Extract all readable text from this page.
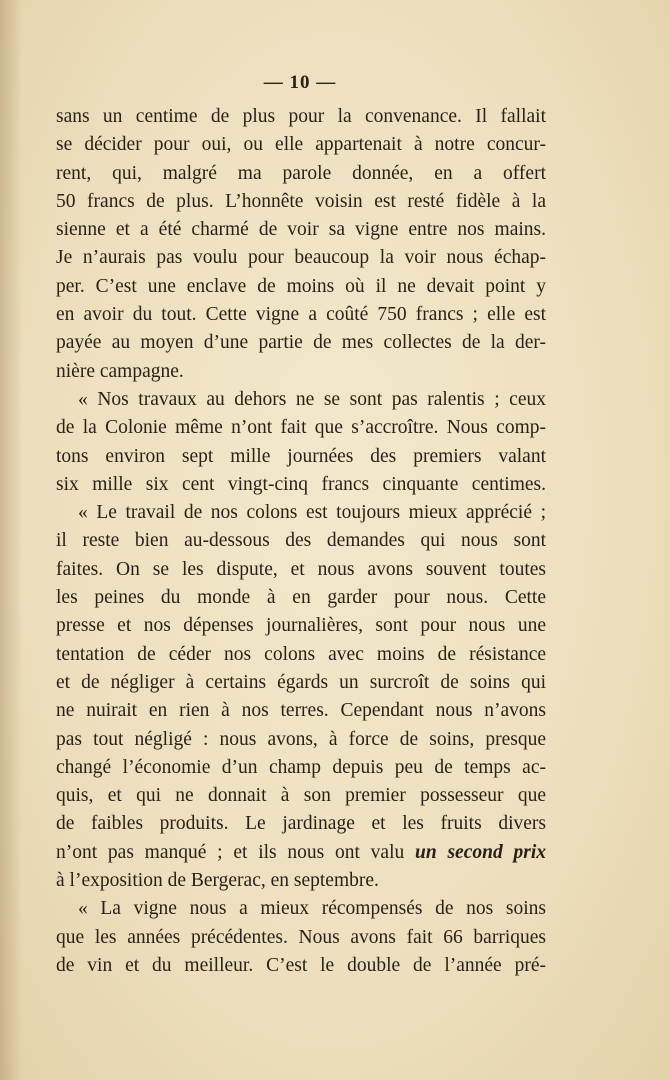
— 10 —
sans un centime de plus pour la convenance. Il fallait
se décider pour oui, ou elle appartenait à notre concur-
rent, qui, malgré ma parole donnée, en a offert
50 francs de plus. L’honnête voisin est resté fidèle à la
sienne et a été charmé de voir sa vigne entre nos mains.
Je n’aurais pas voulu pour beaucoup la voir nous échap-
per. C’est une enclave de moins où il ne devait point y
en avoir du tout. Cette vigne a coûté 750 francs ; elle est
payée au moyen d’une partie de mes collectes de la der-
nière campagne.
« Nos travaux au dehors ne se sont pas ralentis ; ceux
de la Colonie même n’ont fait que s’accroître. Nous comp-
tons environ sept mille journées des premiers valant
six mille six cent vingt-cinq francs cinquante centimes.
« Le travail de nos colons est toujours mieux apprécié ;
il reste bien au-dessous des demandes qui nous sont
faites. On se les dispute, et nous avons souvent toutes
les peines du monde à en garder pour nous. Cette
presse et nos dépenses journalières, sont pour nous une
tentation de céder nos colons avec moins de résistance
et de négliger à certains égards un surcroît de soins qui
ne nuirait en rien à nos terres. Cependant nous n’avons
pas tout négligé : nous avons, à force de soins, presque
changé l’économie d’un champ depuis peu de temps ac-
quis, et qui ne donnait à son premier possesseur que
de faibles produits. Le jardinage et les fruits divers
n’ont pas manqué ; et ils nous ont valu un second prix
à l’exposition de Bergerac, en septembre.
« La vigne nous a mieux récompensés de nos soins
que les années précédentes. Nous avons fait 66 barriques
de vin et du meilleur. C’est le double de l’année pré-
